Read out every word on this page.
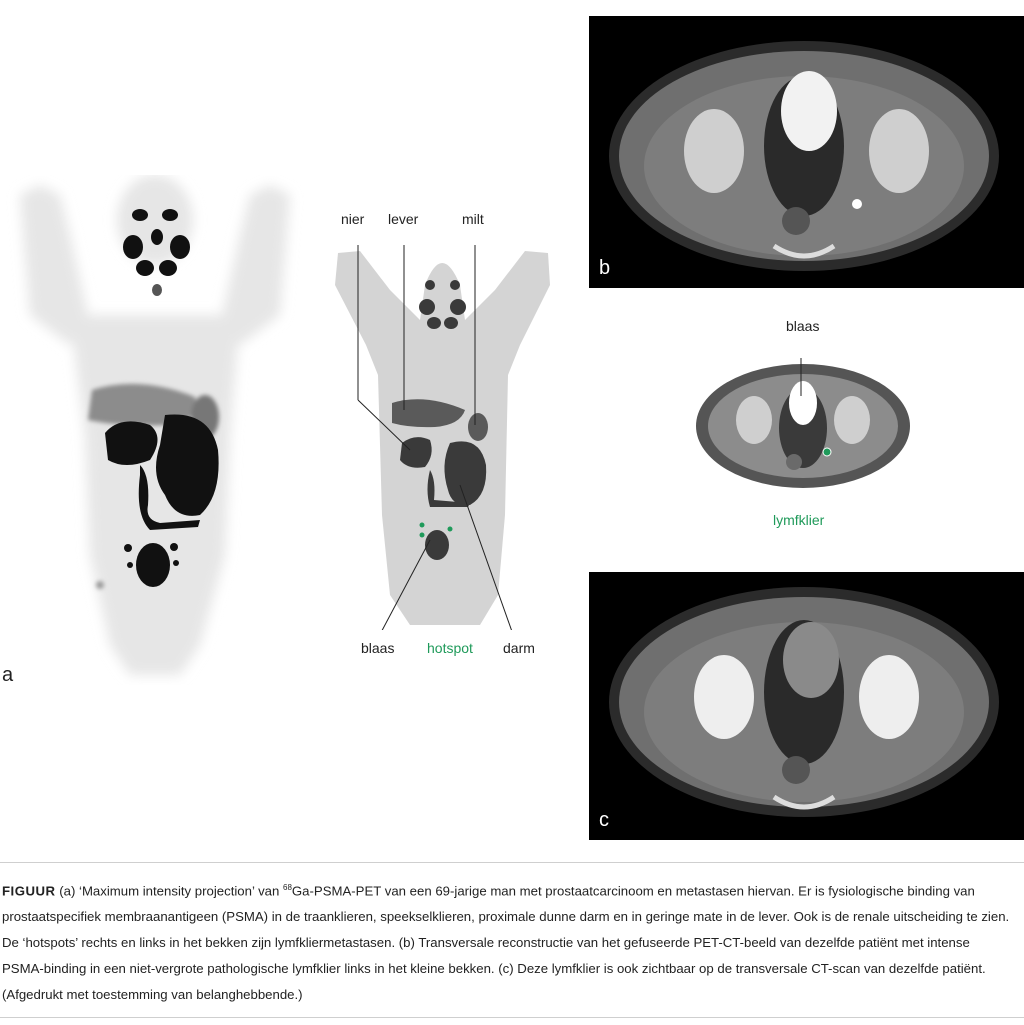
a
nier lever	milt
blaas hotspot darm
b
blaas
lymfklier
c
FIGUUR (a) ‘Maximum intensity projection’ van $^{68}$Ga-PSMA-PET van een 69-jarige man met prostaatcarcinoom en metastasen hiervan. Er is fysiologische binding van prostaatspecifiek membraanantigeen (PSMA) in de traanklieren, speekselklieren, proximale dunne darm en in geringe mate in de lever. Ook is de renale uitscheiding te zien. De ‘hotspots’ rechts en links in het bekken zijn lymfkliermetastasen. (b) Transversale reconstructie van het gefuseerde PET-CT-beeld van dezelfde patiënt met intense PSMA-binding in een niet-vergrote pathologische lymfklier links in het kleine bekken. (c) Deze lymfklier is ook zichtbaar op de transversale CT-scan van dezelfde patiënt. (Afgedrukt met toestemming van belanghebbende.)
